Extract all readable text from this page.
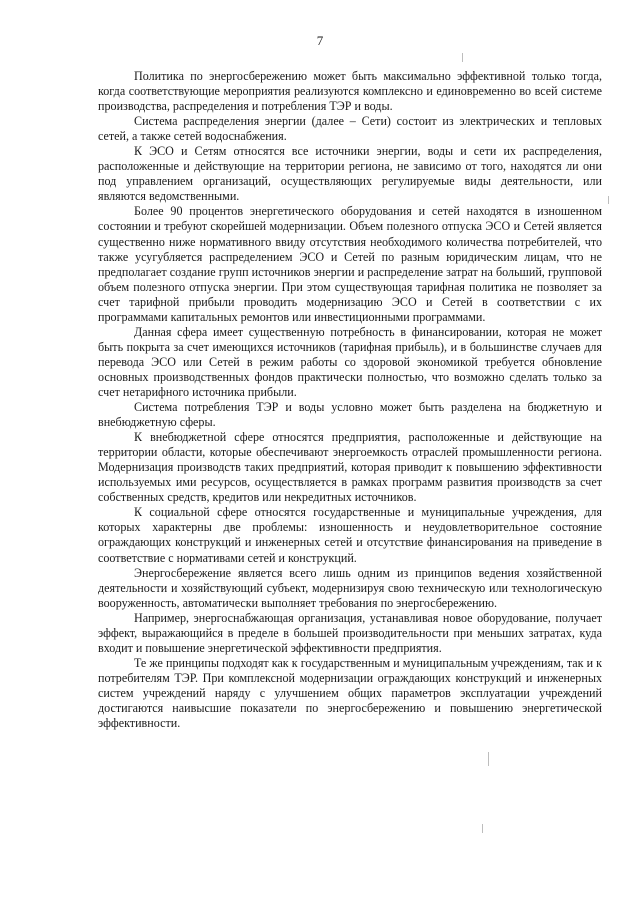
7

Политика по энергосбережению может быть максимально эффективной только тогда, когда соответствующие мероприятия реализуются комплексно и единовременно во всей системе производства, распределения и потребления ТЭР и воды.

Система распределения энергии (далее – Сети) состоит из электрических и тепловых сетей, а также сетей водоснабжения.

К ЭСО и Сетям относятся все источники энергии, воды и сети их распределения, расположенные и действующие на территории региона, не зависимо от того, находятся ли они под управлением организаций, осуществляющих регулируемые виды деятельности, или являются ведомственными.

Более 90 процентов энергетического оборудования и сетей находятся в изношенном состоянии и требуют скорейшей модернизации. Объем полезного отпуска ЭСО и Сетей является существенно ниже нормативного ввиду отсутствия необходимого количества потребителей, что также усугубляется распределением ЭСО и Сетей по разным юридическим лицам, что не предполагает создание групп источников энергии и распределение затрат на больший, групповой объем полезного отпуска энергии. При этом существующая тарифная политика не позволяет за счет тарифной прибыли проводить модернизацию ЭСО и Сетей в соответствии с их программами капитальных ремонтов или инвестиционными программами.

Данная сфера имеет существенную потребность в финансировании, которая не может быть покрыта за счет имеющихся источников (тарифная прибыль), и в большинстве случаев для перевода ЭСО или Сетей в режим работы со здоровой экономикой требуется обновление основных производственных фондов практически полностью, что возможно сделать только за счет нетарифного источника прибыли.

Система потребления ТЭР и воды условно может быть разделена на бюджетную и внебюджетную сферы.

К внебюджетной сфере относятся предприятия, расположенные и действующие на территории области, которые обеспечивают энергоемкость отраслей промышленности региона. Модернизация производств таких предприятий, которая приводит к повышению эффективности используемых ими ресурсов, осуществляется в рамках программ развития производств за счет собственных средств, кредитов или некредитных источников.

К социальной сфере относятся государственные и муниципальные учреждения, для которых характерны две проблемы: изношенность и неудовлетворительное состояние ограждающих конструкций и инженерных сетей и отсутствие финансирования на приведение в соответствие с нормативами сетей и конструкций.

Энергосбережение является всего лишь одним из принципов ведения хозяйственной деятельности и хозяйствующий субъект, модернизируя свою техническую или технологическую вооруженность, автоматически выполняет требования по энергосбережению.

Например, энергоснабжающая организация, устанавливая новое оборудование, получает эффект, выражающийся в пределе в большей производительности при меньших затратах, куда входит и повышение энергетической эффективности предприятия.

Те же принципы подходят как к государственным и муниципальным учреждениям, так и к потребителям ТЭР. При комплексной модернизации ограждающих конструкций и инженерных систем учреждений наряду с улучшением общих параметров эксплуатации учреждений достигаются наивысшие показатели по энергосбережению и повышению энергетической эффективности.
